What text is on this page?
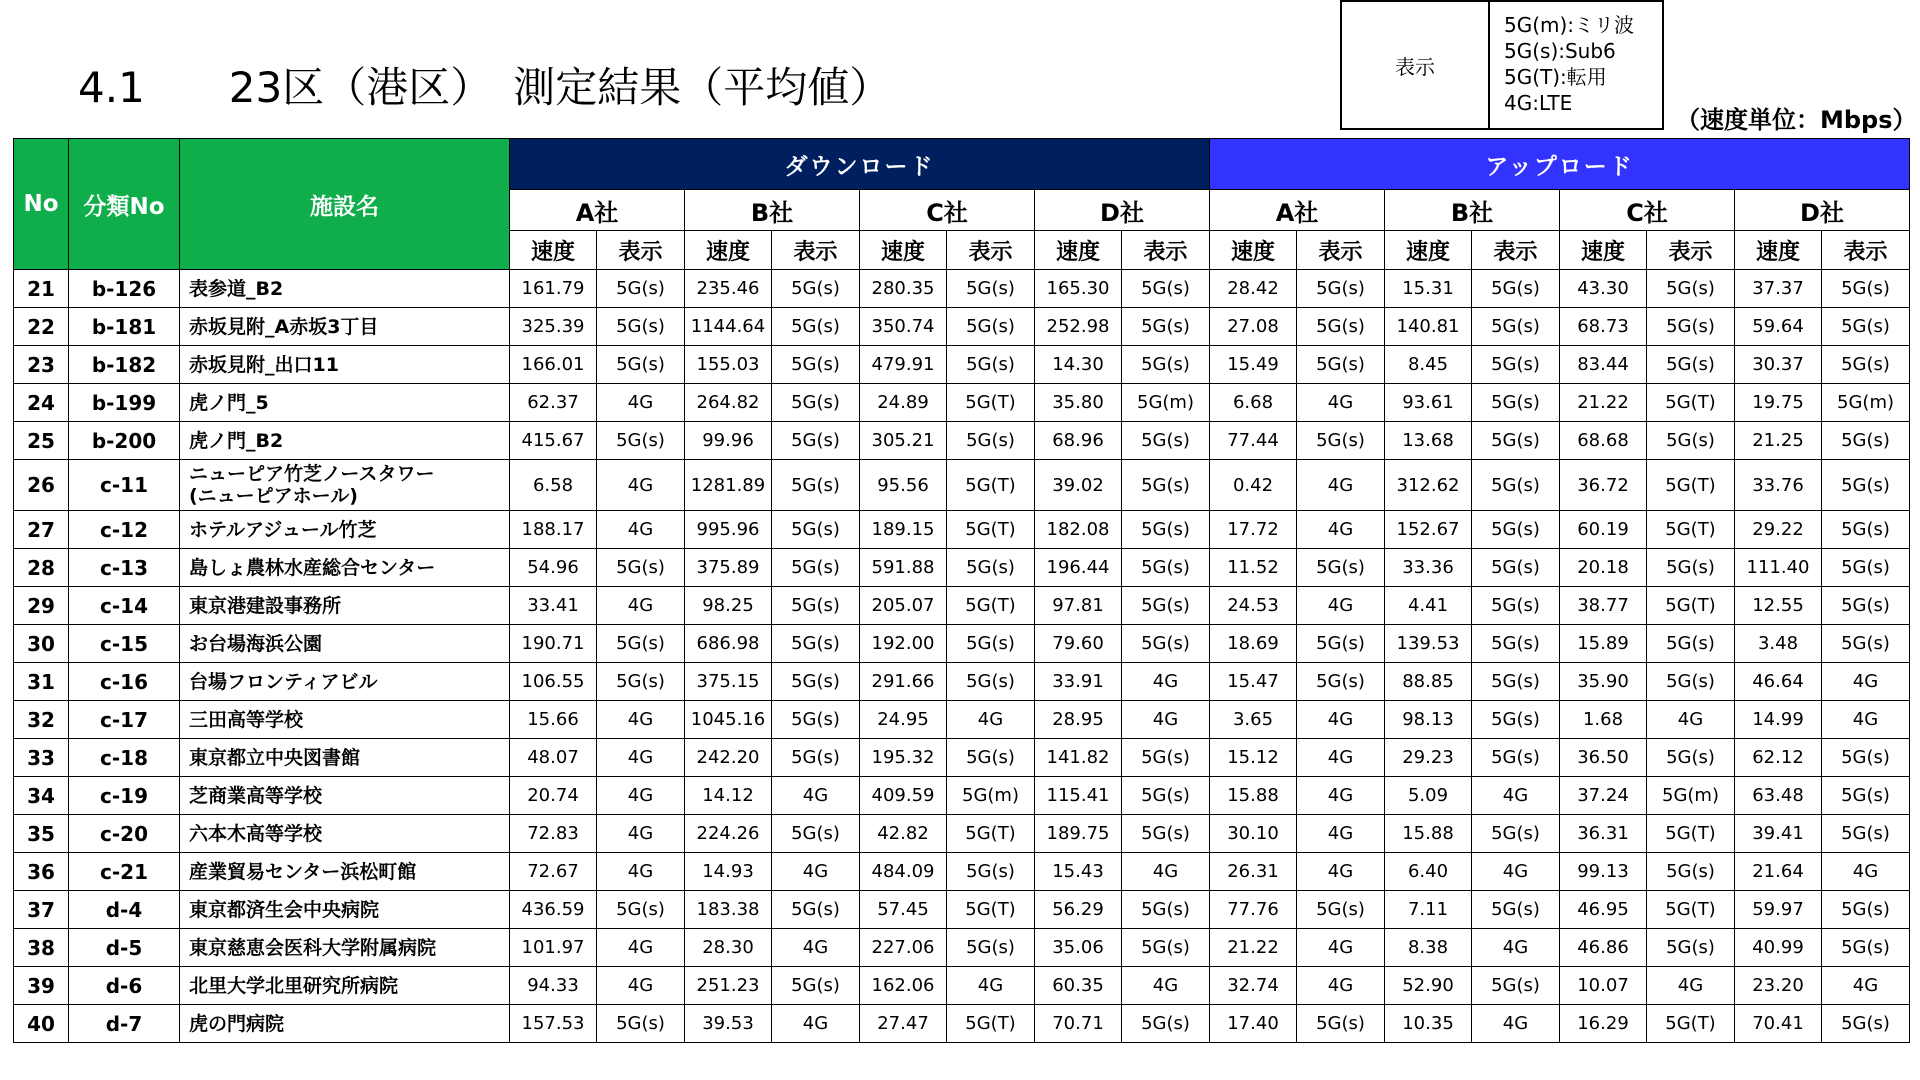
4.1　　23区（港区）　測定結果（平均値）	表示
5G(m):ミリ波
5G(s):Sub6
5G(T):転用
4G:LTE
（速度単位：Mbps）
No	分類No	施設名	ダウンロード								アップロード							
			A社		B社		C社		D社		A社		B社		C社		D社	
			速度	表示	速度	表示	速度	表示	速度	表示	速度	表示	速度	表示	速度	表示	速度	表示
21	b-126	表参道_B2	161.79	5G(s)	235.46	5G(s)	280.35	5G(s)	165.30	5G(s)	28.42	5G(s)	15.31	5G(s)	43.30	5G(s)	37.37	5G(s)
22	b-181	赤坂見附_A赤坂3丁目	325.39	5G(s)	1144.64	5G(s)	350.74	5G(s)	252.98	5G(s)	27.08	5G(s)	140.81	5G(s)	68.73	5G(s)	59.64	5G(s)
23	b-182	赤坂見附_出口11	166.01	5G(s)	155.03	5G(s)	479.91	5G(s)	14.30	5G(s)	15.49	5G(s)	8.45	5G(s)	83.44	5G(s)	30.37	5G(s)
24	b-199	虎ノ門_5	62.37	4G	264.82	5G(s)	24.89	5G(T)	35.80	5G(m)	6.68	4G	93.61	5G(s)	21.22	5G(T)	19.75	5G(m)
25	b-200	虎ノ門_B2	415.67	5G(s)	99.96	5G(s)	305.21	5G(s)	68.96	5G(s)	77.44	5G(s)	13.68	5G(s)	68.68	5G(s)	21.25	5G(s)
26	c-11	ニューピア竹芝ノースタワー
(ニューピアホール)	6.58	4G	1281.89	5G(s)	95.56	5G(T)	39.02	5G(s)	0.42	4G	312.62	5G(s)	36.72	5G(T)	33.76	5G(s)
27	c-12	ホテルアジュール竹芝	188.17	4G	995.96	5G(s)	189.15	5G(T)	182.08	5G(s)	17.72	4G	152.67	5G(s)	60.19	5G(T)	29.22	5G(s)
28	c-13	島しょ農林水産総合センター	54.96	5G(s)	375.89	5G(s)	591.88	5G(s)	196.44	5G(s)	11.52	5G(s)	33.36	5G(s)	20.18	5G(s)	111.40	5G(s)
29	c-14	東京港建設事務所	33.41	4G	98.25	5G(s)	205.07	5G(T)	97.81	5G(s)	24.53	4G	4.41	5G(s)	38.77	5G(T)	12.55	5G(s)
30	c-15	お台場海浜公園	190.71	5G(s)	686.98	5G(s)	192.00	5G(s)	79.60	5G(s)	18.69	5G(s)	139.53	5G(s)	15.89	5G(s)	3.48	5G(s)
31	c-16	台場フロンティアビル	106.55	5G(s)	375.15	5G(s)	291.66	5G(s)	33.91	4G	15.47	5G(s)	88.85	5G(s)	35.90	5G(s)	46.64	4G
32	c-17	三田高等学校	15.66	4G	1045.16	5G(s)	24.95	4G	28.95	4G	3.65	4G	98.13	5G(s)	1.68	4G	14.99	4G
33	c-18	東京都立中央図書館	48.07	4G	242.20	5G(s)	195.32	5G(s)	141.82	5G(s)	15.12	4G	29.23	5G(s)	36.50	5G(s)	62.12	5G(s)
34	c-19	芝商業高等学校	20.74	4G	14.12	4G	409.59	5G(m)	115.41	5G(s)	15.88	4G	5.09	4G	37.24	5G(m)	63.48	5G(s)
35	c-20	六本木高等学校	72.83	4G	224.26	5G(s)	42.82	5G(T)	189.75	5G(s)	30.10	4G	15.88	5G(s)	36.31	5G(T)	39.41	5G(s)
36	c-21	産業貿易センター浜松町館	72.67	4G	14.93	4G	484.09	5G(s)	15.43	4G	26.31	4G	6.40	4G	99.13	5G(s)	21.64	4G
37	d-4	東京都済生会中央病院	436.59	5G(s)	183.38	5G(s)	57.45	5G(T)	56.29	5G(s)	77.76	5G(s)	7.11	5G(s)	46.95	5G(T)	59.97	5G(s)
38	d-5	東京慈恵会医科大学附属病院	101.97	4G	28.30	4G	227.06	5G(s)	35.06	5G(s)	21.22	4G	8.38	4G	46.86	5G(s)	40.99	5G(s)
39	d-6	北里大学北里研究所病院	94.33	4G	251.23	5G(s)	162.06	4G	60.35	4G	32.74	4G	52.90	5G(s)	10.07	4G	23.20	4G
40	d-7	虎の門病院	157.53	5G(s)	39.53	4G	27.47	5G(T)	70.71	5G(s)	17.40	5G(s)	10.35	4G	16.29	5G(T)	70.41	5G(s)
